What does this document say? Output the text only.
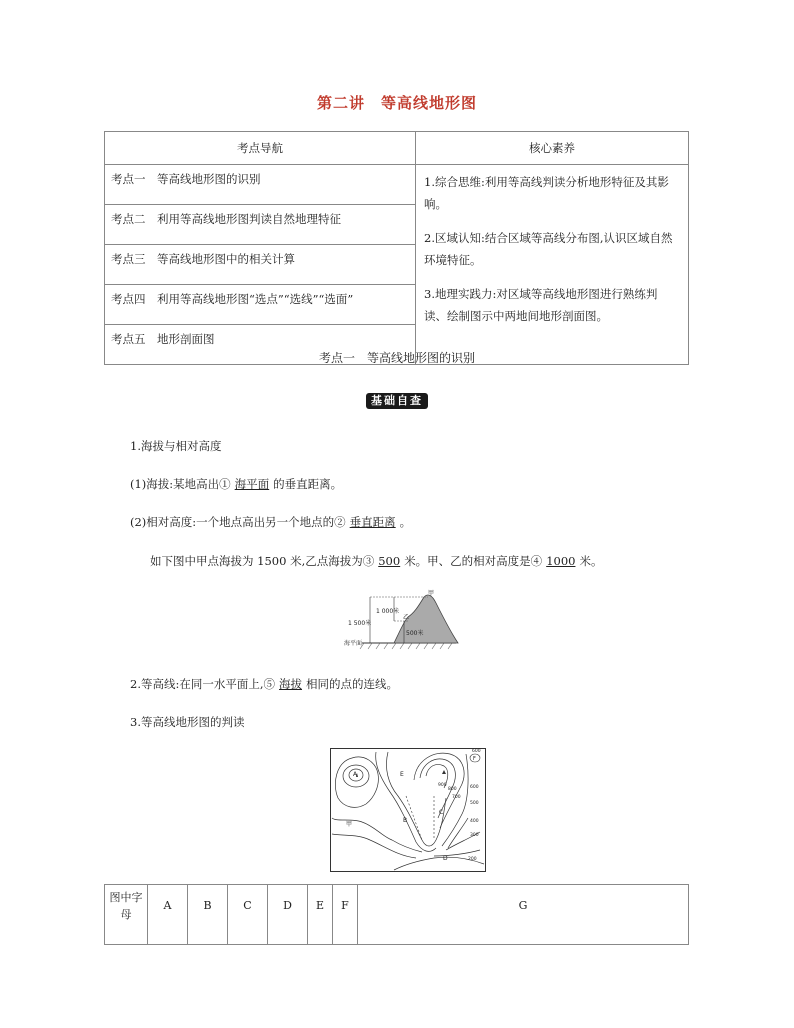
第二讲　等高线地形图
考点导航	核心素养
考点一　等高线地形图的识别	1.综合思维:利用等高线判读分析地形特征及其影响。

2.区域认知:结合区域等高线分布图,认识区域自然环境特征。

3.地理实践力:对区域等高线地形图进行熟练判读、绘制图示中两地间地形剖面图。

考点二　利用等高线地形图判读自然地理特征	
考点三　等高线地形图中的相关计算	
考点四　利用等高线地形图“选点”“选线”“选面”	
考点五　地形剖面图	
考点一　等高线地形图的识别
基础自查
1.海拔与相对高度
(1)海拔:某地高出① 海平面 的垂直距离。
(2)相对高度:一个地点高出另一个地点的② 垂直距离 。
如下图中甲点海拔为 1500 米,乙点海拔为③ 500 米。甲、乙的相对高度是④ 1000 米。
甲
乙
1 000米
1 500米
500米
海平面
2.等高线:在同一水平面上,⑤ 海拔 相同的点的连线。
3.等高线地形图的判读
A
B
C
D
E
F
甲
600
900
800
700
600
500
400
300
200
图中字母	A	B	C	D	E	F	G
